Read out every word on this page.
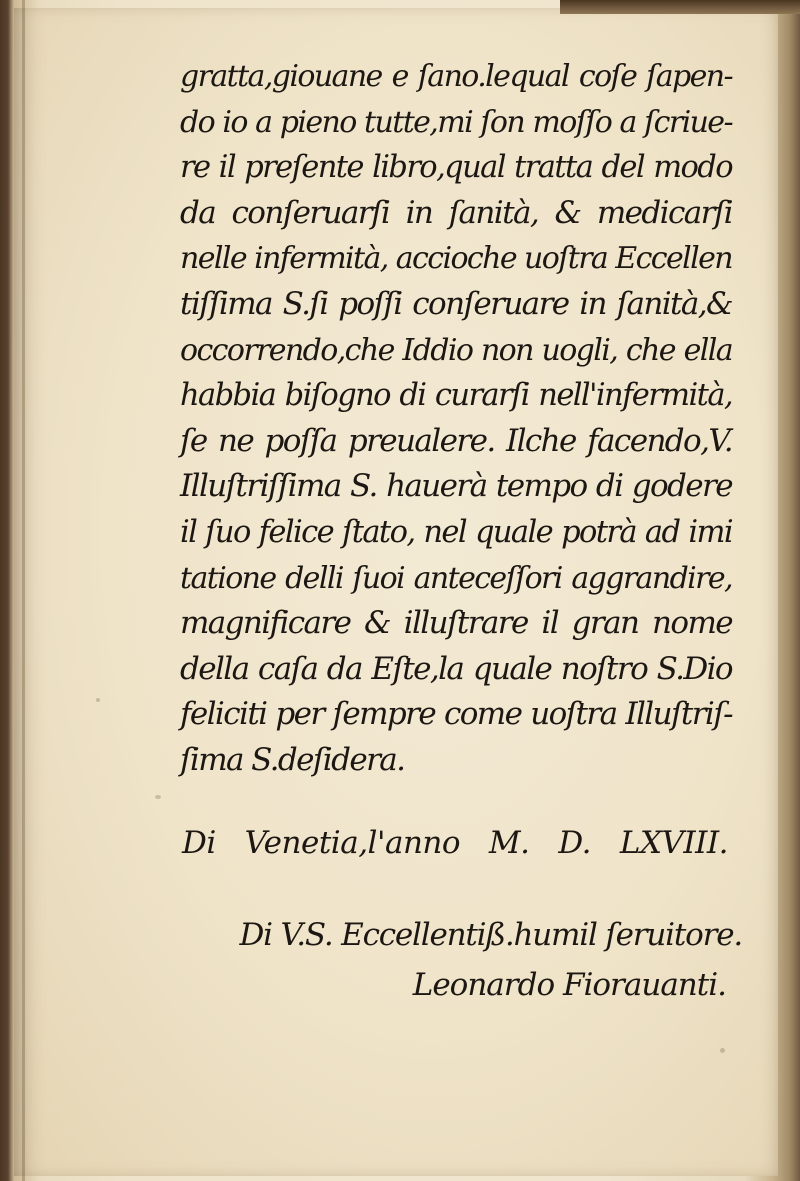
gratta,giouane e ſano.lequal coſe ſapen-
do io a pieno tutte,mi ſon moſſo a ſcriue-
re il preſente libro,qual tratta del modo
da conſeruarſi in ſanità, & medicarſi
nelle infermità, accioche uoſtra Eccellen
tiſſima S.ſi poſſi conſeruare in ſanità,&
occorrendo,che Iddio non uogli, che ella
habbia biſogno di curarſi nell'infermità,
ſe ne poſſa preualere. Ilche facendo,V.
Illuſtriſſima S. hauerà tempo di godere
il ſuo felice ſtato, nel quale potrà ad imi
tatione delli ſuoi anteceſſori aggrandire,
magnificare & illuſtrare il gran nome
della caſa da Eſte,la quale noſtro S.Dio
feliciti per ſempre come uoſtra Illuſtriſ-
ſima S.deſidera.
Di Venetia,l'anno M. D. LXVIII.
Di V.S. Eccellentiß.humil ſeruitore.
Leonardo Fiorauanti.
